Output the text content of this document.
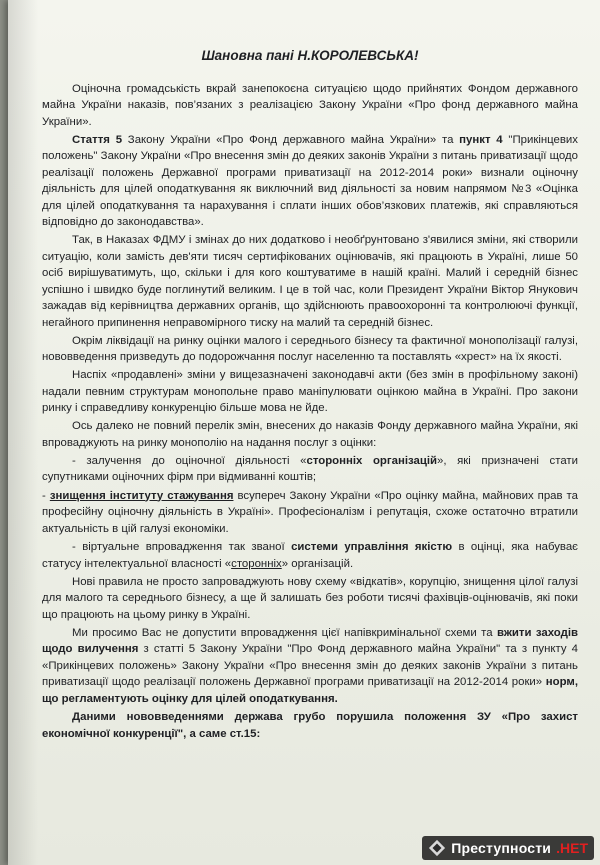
Шановна пані Н.КОРОЛЕВСЬКА!

Оціночна громадськість вкрай занепокоєна ситуацією щодо прийнятих Фондом державного майна України наказів, пов’язаних з реалізацією Закону України «Про фонд державного майна України».

Стаття 5 Закону України «Про Фонд державного майна України» та пункт 4 "Прикінцевих положень" Закону України «Про внесення змін до деяких законів України з питань приватизації щодо реалізації положень Державної програми приватизації на 2012-2014 роки» визнали оціночну діяльність для цілей оподаткування як виключний вид діяльності за новим напрямом №3 «Оцінка для цілей оподаткування та нарахування і сплати інших обов’язкових платежів, які справляються відповідно до законодавства».

Так, в Наказах ФДМУ і змінах до них додатково і необґрунтовано з'явилися зміни, які створили ситуацію, коли замість дев'яти тисяч сертифікованих оцінювачів, які працюють в Україні, лише 50 осіб вирішуватимуть, що, скільки і для кого коштуватиме в нашій країні. Малий і середній бізнес успішно і швидко буде поглинутий великим. І це в той час, коли Президент України Віктор Янукович зажадав від керівництва державних органів, що здійснюють правоохоронні та контролюючі функції, негайного припинення неправомірного тиску на малий та середній бізнес.

Окрім ліквідації на ринку оцінки малого і середнього бізнесу та фактичної монополізації галузі, нововведення призведуть до подорожчання послуг населенню та поставлять «хрест» на їх якості.

Наспіх «продавлені» зміни у вищезазначені законодавчі акти (без змін в профільному законі) надали певним структурам монопольне право маніпулювати оцінкою майна в Україні. Про закони ринку і справедливу конкуренцію більше мова не йде.

Ось далеко не повний перелік змін, внесених до наказів Фонду державного майна України, які впроваджують на ринку монополію на надання послуг з оцінки:

- залучення до оціночної діяльності «сторонніх організацій», які призначені стати супутниками оціночних фірм при відмиванні коштів;

- знищення інституту стажування всупереч Закону України «Про оцінку майна, майнових прав та професійну оціночну діяльність в Україні». Професіоналізм і репутація, схоже остаточно втратили актуальність в цій галузі економіки.

- віртуальне впровадження так званої системи управління якістю в оцінці, яка набуває статусу інтелектуальної власності «сторонніх» організацій.

Нові правила не просто запроваджують нову схему «відкатів», корупцію, знищення цілої галузі для малого та середнього бізнесу, а ще й залишать без роботи тисячі фахівців-оцінювачів, які поки що працюють на цьому ринку в Україні.

Ми просимо Вас не допустити впровадження цієї напівкримінальної схеми та вжити заходів щодо вилучення з статті 5 Закону України "Про Фонд державного майна України" та з пункту 4 «Прикінцевих положень» Закону України «Про внесення змін до деяких законів України з питань приватизації щодо реалізації положень Державної програми приватизації на 2012-2014 роки» норм, що регламентують оцінку для цілей оподаткування.

Даними нововведеннями держава грубо порушила положення ЗУ «Про захист економічної конкуренції", а саме ст.15:

Преступности .НЕТ
